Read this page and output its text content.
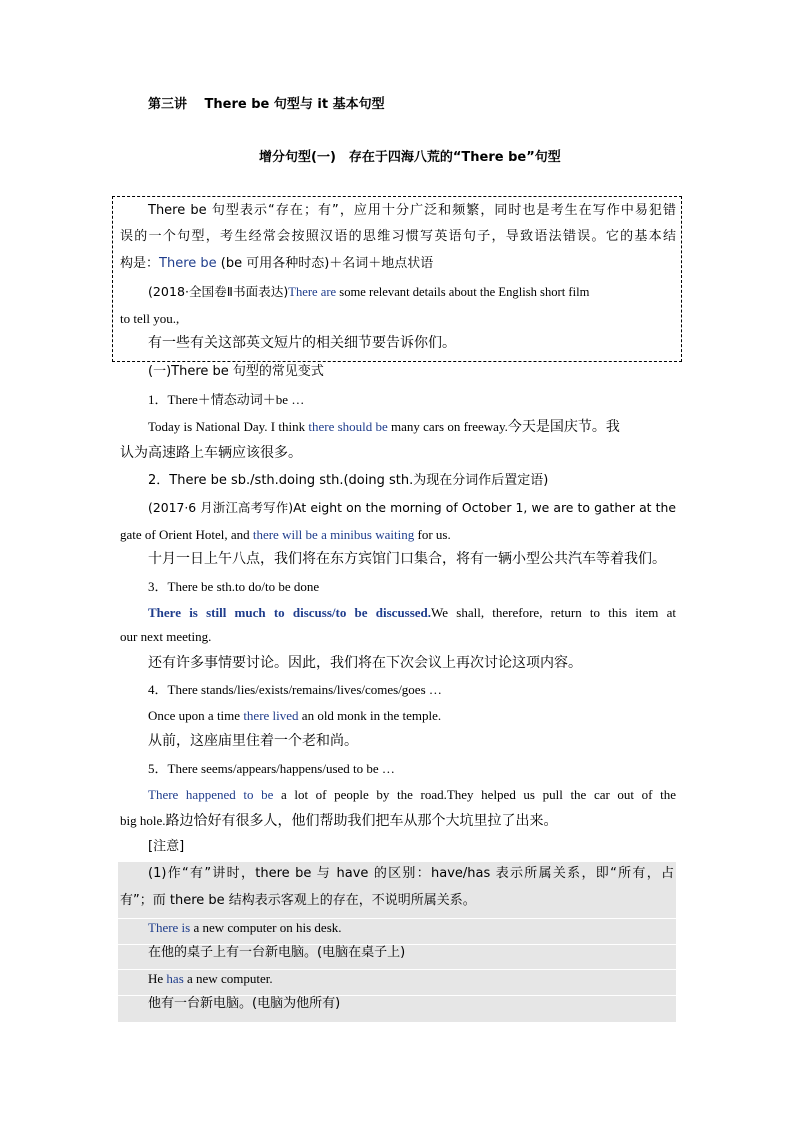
第三讲　 There be 句型与 it 基本句型
增分句型(一)　存在于四海八荒的“There be”句型
There be 句型表示“存在；有”，应用十分广泛和频繁，同时也是考生在写作中易犯错
误的一个句型，考生经常会按照汉语的思维习惯写英语句子，导致语法错误。它的基本结
构是：There be (be 可用各种时态)＋名词＋地点状语
(2018·全国卷Ⅱ书面表达)There are some relevant details about the English short film
to tell you.,
有一些有关这部英文短片的相关细节要告诉你们。
(一)There be 句型的常见变式
1．There＋情态动词＋be …
Today is National Day. I think there should be many cars on freeway.今天是国庆节。我
认为高速路上车辆应该很多。
2．There be sb./sth.doing sth.(doing sth.为现在分词作后置定语)
(2017·6 月浙江高考写作)At eight on the morning of October 1, we are to gather at the
gate of Orient Hotel, and there will be a minibus waiting for us.
十月一日上午八点，我们将在东方宾馆门口集合，将有一辆小型公共汽车等着我们。
3．There be sth.to do/to be done
There is still much to discuss/to be discussed.We shall, therefore, return to this item at
our next meeting.
还有许多事情要讨论。因此，我们将在下次会议上再次讨论这项内容。
4．There stands/lies/exists/remains/lives/comes/goes …
Once upon a time there lived an old monk in the temple.
从前，这座庙里住着一个老和尚。
5．There seems/appears/happens/used to be …
There happened to be a lot of people by the road.They helped us pull the car out of the
big hole.路边恰好有很多人，他们帮助我们把车从那个大坑里拉了出来。
[注意]
(1)作“有”讲时，there be 与 have 的区别：have/has 表示所属关系，即“所有，占
有”；而 there be 结构表示客观上的存在，不说明所属关系。
There is a new computer on his desk.
在他的桌子上有一台新电脑。(电脑在桌子上)
He has a new computer.
他有一台新电脑。(电脑为他所有)
